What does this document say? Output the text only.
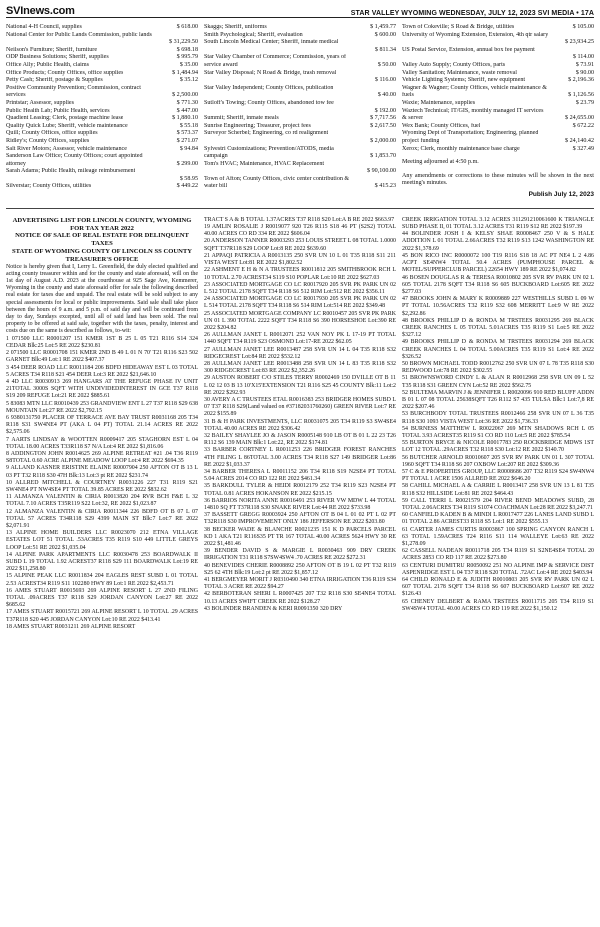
SVInews.com	STAR VALLEY WYOMING WEDNESDAY, JULY 12, 2023 SVI MEDIA • 17A
National 4-H Council, supplies	$ 618.00
National Center for Public Lands Commission, public lands
$ 31,229.50
Neilson's Furniture; Sheriff, furniture	$ 698.18
ODP Business Solutions; Sheriff, supplies	$ 995.79
Office Ally; Public Health, claims	$ 35.00
Office Products; County Offices, office supplies	$ 1,484.94
Petty Cash; Sheriff, postage & Supplies	$ 35.12
Positive Community Prevention; Commission, contract
services	$ 2,500.00
Printstar; Assessor, supplies	$ 771.30
Public Health Lab; Public Health, services	$ 447.00
Quadient Leasing; Clerk, postage machine lease	$ 1,880.10
Quality Quick Lube; Sheriff, vehicle maintenance	$ 55.18
Quill; County Offices, office supplies	$ 573.37
Ridley's; County Offices, supplies	$ 271.07
Salt River Motors; Assessor, vehicle maintenance	$ 94.84
Sanderson Law Office; County Offices; court appointed
attorney	$ 299.00
Sarah Adams; Public Health, mileage reimbursement
$ 58.95
Silverstar; County Offices, utilities	$ 449.22
Skaggs; Sheriff, uniforms	$ 1,459.77
Smith Psychological; Sheriff, evaluation	$ 600.00
South Lincoln Medical Center; Sheriff, inmate medical
$ 811.34
Star Valley Chamber of Commerce; Commission, years of
service award	$ 50.00
Star Valley Disposal; N Road & Bridge, trash removal
$ 116.00
Star Valley Independent; County Offices, publication
$ 40.00
Sutloff's Towing; County Offices, abandoned tow fee
$ 192.00
Summit; Sheriff, inmate meals	$ 7,717.56
Sunrise Engineering; Treasurer, project fees	$ 2,617.50
Surveyor Scherbel; Engineering, co rd realignment
$ 2,000.00
Sylvestri Customizations; Prevention/ATODS, media
campaign	$ 1,853.70
Tom's HVAC; Maintenance, HVAC Replacement
$ 90,100.00
Town of Afton; County Offices, civic center contribution &
water bill	$ 415.23
Town of Cokeville; S Road & Bridge, utilities	$ 105.00
University of Wyoming Extension, Extension, 4th qtr salary
$ 23,934.25
US Postal Service, Extension, annual box fee payment
$ 114.00
Valley Auto Supply; County Offices, parts	$ 73.91
Valley Sanitation; Maintenance, waste removal	$ 90.00
Vehicle Lighting Systems; Sheriff, new equipment	$ 2,196.36
Wagner & Wagner; County Offices, vehicle maintenance &
fuels	$ 1,126.56
Waxie; Maintenance, supplies	$ 23.79
Waztech Technical; IT/GIS, monthly managed IT services
& server	$ 24,655.00
Wex Bank; County Offices, fuel	$ 672.22
Wyoming Dept of Transportation; Engineering, planned
project funding	$ 24,140.42
Xerox; Clerk, monthly maintenance base charge	$ 327.49

Meeting adjourned at 4:50 p.m.

Any amendments or corrections to these minutes will be shown in the next meeting's minutes.

Publish July 12, 2023

ADVERTISING LIST FOR LINCOLN COUNTY, WYOMING FOR TAX YEAR 2022

NOTICE OF SALE OF REAL ESTATE FOR DELINQUENT TAXES

STATE OF WYOMING COUNTY OF LINCOLN SS COUNTY TREASURER'S OFFICE

Notice is hereby given that I, Lerry L. Greenfield, the duly elected qualified and acting county treasurer within and for the county and state aforesaid, will on the 1st day of August A.D. 2023 at the courthouse at 925 Sage Ave, Kemmerer, Wyoming in the county and state aforesaid offer for sale the following described real estate for taxes due and unpaid. The real estate will be sold subject to any special assessments for local or public improvements. Said sale shall take place between the hours of 9 a.m. and 5 p.m. of said day and will be continued from day to day, Sundays excepted, until all of said land has been sold. The real property to be offered at said sale, together with the taxes, penalty, interest and costs due on the same is described as follows, to-wit:

1 071500 LLC R0001207 151 KMER 1ST B 25 L 05 T21 R116 S14 324 CEDAR Blk:25 Lot:5 RE 2022 $230.81

2 071500 LLC R0001708 151 KMER 2ND B 49 L 01 N 70' T21 R116 S23 502 GARNET Blk:49 Lot:1 RE 2022 $407.37

3 454 DEER ROAD LLC R0011184 206 BDFD HIDEAWAY EST L 03 TOTAL 5 ACRES T34 R118 S21 454 DEER Lot:3 RE 2022 $21,646.10

4 4D LLC R0030913 269 HANGARS AT THE REFUGE PHASE IV UNIT 21TOTAL 3000S SQFT WITH UNDIVIDEDINTEREST IN GCE T37 R118 S19 209 REFUGE Lot:21 RE 2022 $885.61

5 83083 MTN LLC R0010439 253 GRANDVIEW ENT L 27 T37 R118 S29 638 MOUNTAIN Lot:27 RE 2022 $2,792.15

6 9380131750 PLACER OF TERRACE AVE BAY TRUST R0031168 205 T34 R118 S31 SW4NE4 PT (AKA L 04 PT) TOTAL 21.14 ACRES RE 2022 $2,575.06

7 AARTS LINDSAY & WOOTTEN R0009417 205 STAGHORN EST L 04 TOTAL 18.00 ACRES T33R118 S7 N/A Lot:4 RE 2022 $1,816.06

8 ADDINGTON JOHN R0014625 269 ALPINE RETREAT #21 .04 T36 R119 S8TOTAL 0.60 ACRE ALPINE MEADOW LOOP Lot:4 RE 2022 $694.35

9 ALLAND KASNER ERISTINE ELAINE R0007904 250 AFTON OT B 13 L 03 PT T32 R118 S30 47H Blk:13 Lot:3 pt RE 2022 $231.74

10 ALLRED MITCHELL & COURTNEY R0031226 227 T31 R119 S21 SW4NE4 PT NW4SE4 PT TOTAL 39.85 ACRES RE 2022 $832.62

11 ALMANZA VALENTIN & CIRIA R0013820 204 RVR BCH F&E L 32 TOTAL 7.10 ACRES T35R119 S22 Lot:32, RE 2022 $1,023.87

12 ALMANZA VALENTIN & CIRIA R0011344 226 BDFD OT B 07 L 07 TOTAL 57 ACRES T34R118 S29 4399 MAIN ST Blk:7 Lot:7 RE 2022 $2,071.91

13 ALPINE HOME BUILDERS LLC R0023070 212 ETNA VILLAGE ESTATES LOT 51 TOTAL .53ACRES T35 R119 S10 449 LITTLE GREYS LOOP Lot:51 RE 2022 $1,035.04

14 ALPINE PARK APARTMENTS LLC R0030478 253 BOARDWALK II SUBD L 19 TOTAL 1.92 ACREST37 R118 S29 111 BOARDWALK Lot:19 RE 2022 $11,258.80

15 ALPINE PEAK LLC R0011834 204 EAGLES REST SUBD L 01 TOTAL 2.53 ACREST34 R119 S11 102280 HWY 89 Lot:1 RE 2022 $2,453.71

16 AMES STUART R0015693 269 ALPINE RESORT L 27 2ND FILING TOTAL .09ACRES T37 R118 S29 JORDAN CANYON Lot:27 RE 2022 $685.62

17 AMES STUART R0015721 269 ALPINE RESORT L 10 TOTAL .29 ACRES T37R118 S20 445 JORDAN CANYON Lot:10 RE 2022 $413.41

18 AMES STUART R0031211 269 ALPINE RESORT

TRACT S A & B TOTAL 1.37ACRES T37 R118 S20 Lot:A B RE 2022 $663.97

19 AMLIN ROSALIE J R0019077 920 T26 R115 S18 46 PT (S2S2) TOTAL 40.00 ACRES CO RD 334 RE 2022 $606.04

20 ANDERSON TANNER R0003293 253 LOUIS STREET L 08 TOTAL 1.0000 SQFT T37R118 S29 LOOP Lot:8 RE 2022 $639.60

21 APPAQI PATRICIA A R0013135 250 SVR UN 10 L 01 T35 R118 S11 211 VISTA WEST Lot:81 RE 2022 $1,802.52

22 ASHMENT E H & N A TRUSTEES R0011812 205 SMITHBROOK RCH L 10 TOTAL 2.70 ACREST34 S119 S10 POPLAR Lot:10 RE 2022 $627.03

23 ASSOCIATED MORTGAGE CO LC R0017920 205 SVR PK PARK UN 02 L 512 TOTAL 2178 SQFT T34 R118 S6 512 RIM Lot:512 RE 2022 $356.11

24 ASSOCIATED MORTGAGE CO LC R0017930 205 SVR PK PARK UN 02 L 514 TOTAL 2178 SQFT T34 R118 S6 514 RIM Lot:514 RE 2022 $349.48

25 ASSOCIATED MORTGAGE COMPANY LC R0010457 205 SVR PK PARK UN 01 L 390 TOTAL 2222 SQFT T34 R118 S6 390 HORSESHOE Lot:390 RE 2022 $204.82

26 AULLMAN JANET L R0012071 252 VAN NOY PK L 17-19 PT TOTAL 1440 SQFT T34 R119 S23 OSMOND Lot:17-RE 2022 $62.05

27 AULLMAN JANET LEE R0013487 258 SVR UN 14 L 04 T35 R118 S32 RIDGECREST Lot:84 RE 2022 $532.12

28 AULLMAN JANET LEE R0013488 258 SVR UN 14 L 83 T35 R118 S32 300 RIDGECREST Lot:83 RE 2022 $2,352.26

29 AUSTON ROBERT C/O STILES TERRY R0002469 150 DVILLE OT B 11 L 02 12 03 B 13 10'X15'EXTENSION T21 R116 S25 45 COUNTY Blk:11 Lot:2 RE 2022 $292.93

30 AVERY A C TRUSTEES ETAL R0016383 253 BRIDGER HOMES SUBD L 07 T37 R118 S29(Land valued on #37182031760260) GREEN RIVER Lot:7 RE 2022 $155.89

31 B & H PARK INVESTMENTS, LLC R0031075 205 T34 R119 S3 SW4SE4 TOTAL 40.00 ACRES RE 2022 $306.42

32 BAILEY SHAYLEE JO & JASON R0005148 910 LB OT B 01 L 22 23 T26 R112 S6 139 MAIN Blk:1 Lot:22, RE 2022 $174.81

33 BARBER CORTNEY L R0011253 226 BRIDGER FOREST RANCHES 4TH FILING L 86TOTAL 3.00 ACRES T34 R118 S27 149 BRIDGER Lot:86 RE 2022 $1,033.37

34 BARBER THERESA L R0011152 206 T34 R118 S19 N2SE4 PT TOTAL 5.04 ACRES 2014 CO RD 122 RE 2022 $461.34

35 BARKDULL TYLER & HEIDI R0012179 252 T34 R119 S23 N2SE4 PT TOTAL 0.81 ACRES HOKANSON RE 2022 $215.15

36 BARRIOS NORITA ANNE R0016491 253 RIVER VW MDW L 44 TOTAL 14810 SQ FT T37R118 S30 SNAKE RIVER Lot:44 RE 2022 $733.98

37 BASSETT GREGG R0003924 250 AFTON OT B 04 L 01 02 PT L 02 PT T32R118 S30 IMPROVEMENT ONLY 186 JEFFERSON RE 2022 $203.80

38 BECKER WADE & BLANCHE R0021235 151 K D PARCELS PARCEL KD 1 AKA T21 R116S35 PT TR 167 TOTAL 40.00 ACRES 5624 HWY 30 RE 2022 $1,481.46

39 BENDER DAVID S & MARGIE L R0030463 909 DRY CREEK IRRIGATION T31 R118 S7SW4SW4 .70 ACRES RE 2022 $272.31

40 BENEVIDES CHERIE R0008892 250 AFTON OT B 19 L 02 PT T32 R119 S25 62 4TH Blk:19 Lot:2 pt RE 2022 $1,857.12

41 BERGMEYER MORIT J R0310490 340 ETNA IRRIGATION T36 R119 S34 TOTAL 3 ACRE RE 2022 $94.27

42 BERBOTERAN SHERI L R0007425 207 T32 R118 S30 SE4NE4 TOTAL 10.13 ACRES SWIFT CREEK RE 2022 $128.27

43 BOLINDER BRANDEN & KERI R0091350 320 DRY

CREEK IRRIGATION TOTAL 3.12 ACRES 311291210061600 K TRIANGLE SUBD PHASE II, 01 TOTAL 3.12 ACRES T31 R119 S12 RE 2022 $197.39

44 BOLINDER JOSH I & KELSY SHAE R0008467 250 V & S HALE ADDITION L 01 TOTAL 2.66ACRES T32 R119 S13 1242 WASHINGTON RE 2022 $1,378.69

45 BON RICO INC R0000072 100 T19 R116 S18 18 AC PT NE4 L 2 4.86 ACPT SE4NW4 TOTAL 50.4 ACRES (PUMPHOUSE PARCEL & MOTEL/SUPPERCLUB PARCEL) 22654 HWY 189 RE 2022 $1,074.82

46 BOSEN DOUGLAS R & TERESA R0010802 205 SVR RV PARK UN 02 L 605 TOTAL 2178 SQFT T34 R118 S6 605 BUCKBOARD Lot:605 RE 2022 $277.03

47 BROOKS JOHN & MARY K R0009889 227 WESTHILLS SUBD L 09 W PT TOTAL 10.56ACRES T32 R119 S32 608 MERRITT Lot:9 W RE 2022 $2,292.86

48 BROOKS PHILLIP D & RONDA M TRSTEES R0031295 269 BLACK CREEK RANCHES L 05 TOTAL 5.01ACRES T35 R119 S1 Lot:5 RE 2022 $327.12

49 BROOKS PHILLIP D & RONDA M TRSTEES R0031294 269 BLACK CREEK RANCHES L 04 TOTAL 5.00ACRES T35 R119 S1 Lot:4 RE 2022 $326.52

50 BROWN MICHAEL TODD R0012762 250 SVR UN 07 L 78 T35 R118 S30 REDWOOD Lot:78 RE 2022 $302.55

51 BROWNSWORD CINDY L & ALAN R R0012968 258 SVR UN 09 L 52 T35 R118 S31 GREEN CYN Lot:52 RE 2022 $562.75

52 BULTEMA MARVIN J & JENNIFER L R0020096 910 RED BLUFF ADDN B 01 L 07 08 TOTAL 25638SQFT T26 R112 S7 435 TULSA Blk:1 Lot:7,8 RE 2022 $207.46

53 BURCHBODY TOTAL TRUSTEES R0012466 258 SVR UN 07 L 36 T35 R118 S30 1093 VISTA WEST Lot:36 RE 2022 $1,736.33

54 BURNESS MATTHEW L R0022067 269 MTN SHADOWS RCH L 05 TOTAL 3.93 ACREST35 R119 S1 CO RD 110 Lot:5 RE 2022 $785.54

55 BURTON BRYCE & NICOLE R0017783 250 ROCKBRIDGE MDWS 1ST LOT 12 TOTAL .29ACRES T32 R118 S30 Lot:12 RE 2022 $140.70

56 BUTCHER ARNOLD R0010607 205 SVR RV PARK UN 01 L 307 TOTAL 1960 SQFT T34 R118 S6 207 OXBOW Lot:207 RE 2022 $309.36

57 C & E PROPERTIES GROUP, LLC R0008686 207 T32 R119 S24 SW4NW4 PT TOTAL 1 ACRE 1506 ALLRED RE 2022 $646.20

58 CAHILL MICHAEL A & CARRIE L R0013417 258 SVR UN 13 L 81 T35 R118 S32 HILLSIDE Lot:81 RE 2022 $464.43

59 CALL TERRI L R0021579 204 RIVER BEND MEADOWS SUBD, 28 TOTAL 2.06ACRES T34 R119 S1074 COACHMAN Lot:28 RE 2022 $3,247.71

60 CANFIELD KADEN B & MINDI L R0017477 226 LANES LAND SUBD L 01 TOTAL 2.86 ACREST33 R118 S5 Lot:1 RE 2022 $555.13

61 CARTER JAMES CURTIS R0003867 100 SPRING CANYON RANCH L 63 TOTAL 1.59ACRES T24 R116 S11 114 WALLEYE Lot:63 RE 2022 $1,278.09

62 CASSELL NADEAN R0011718 205 T34 R119 S1 S2NE4SE4 TOTAL 20 ACRES 2853 CO RD 117 RE 2022 $273.80

63 CENTURI DUMITRU R0050092 251 NO ALPINE IMP & SERVICE DIST ASPENRIDGE EST L 04 T37 R118 S20 TOTAL .72AC Lot:4 RE 2022 $403.94

64 CHILD RONALD E & JUDITH R0010803 205 SVR RV PARK UN 02 L 607 TOTAL 2178 SQFT T34 R118 S6 607 BUCKBOARD Lot:607 RE 2022 $126.43

65 CHENEY DELBERT & RAMA TRSTEES R0011715 205 T34 R119 S1 SW4SW4 TOTAL 40.00 ACRES CO RD 119 RE 2022 $1,150.12
